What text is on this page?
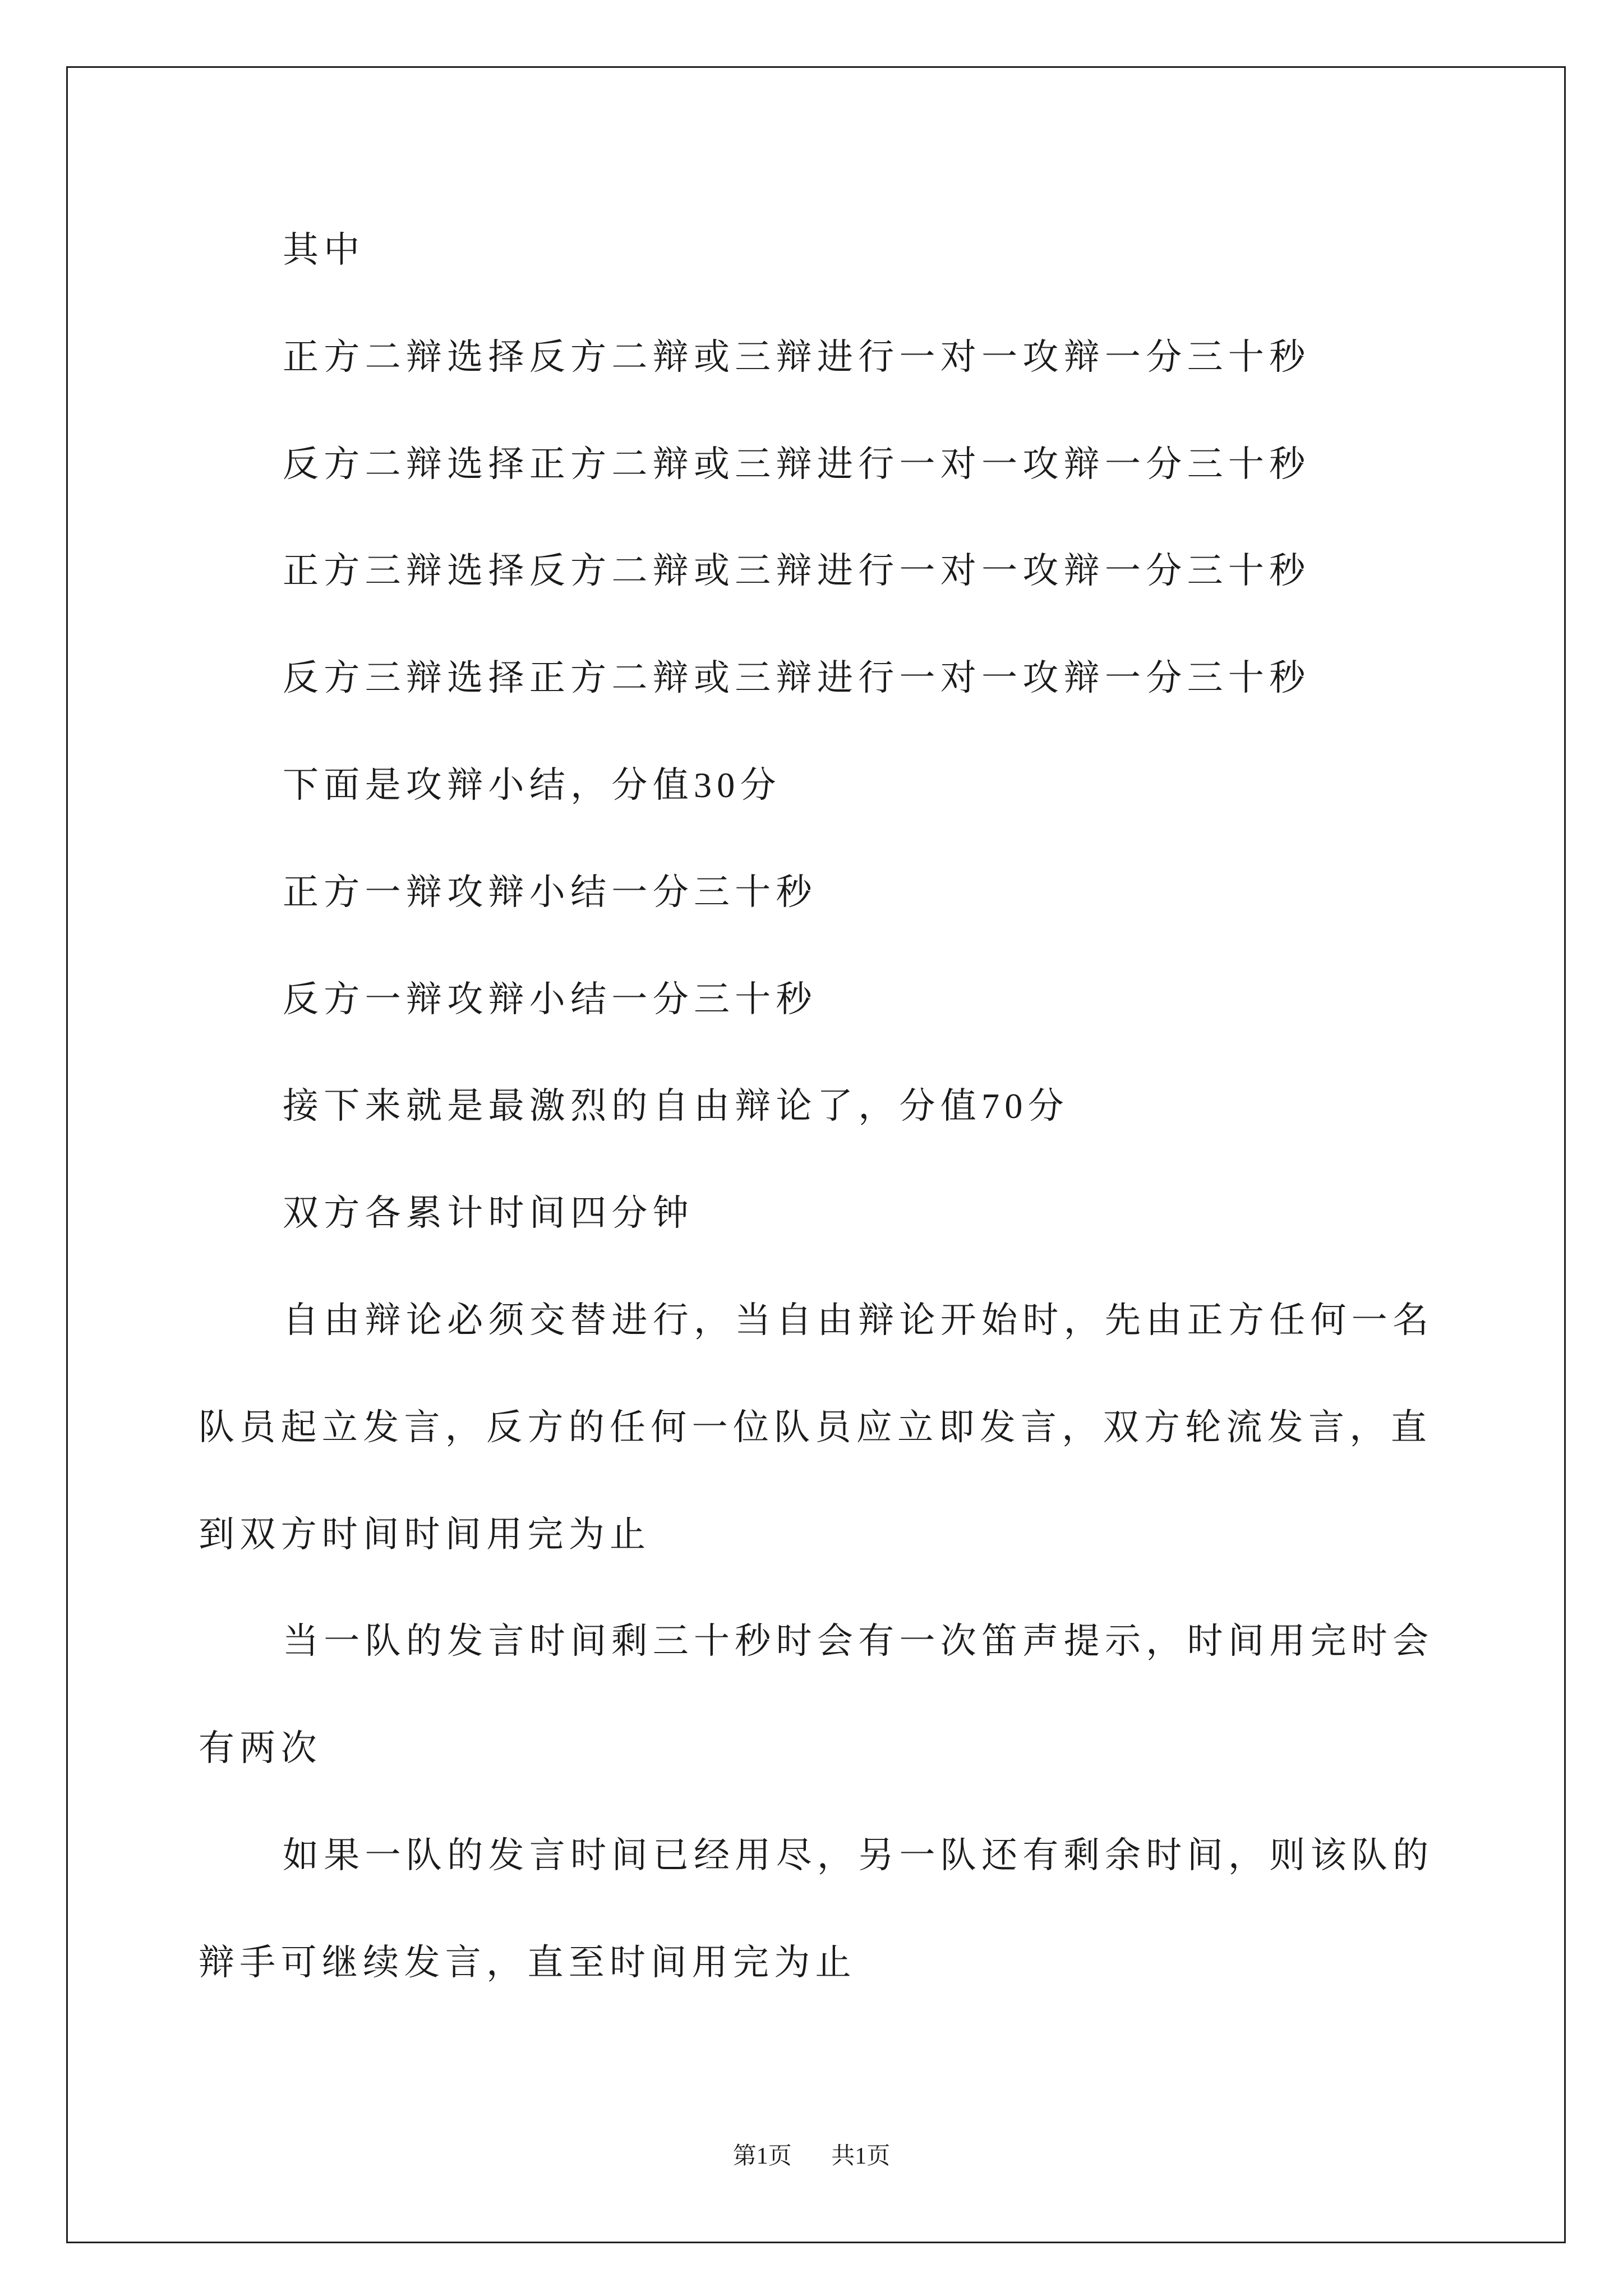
其中
正方二辩选择反方二辩或三辩进行一对一攻辩一分三十秒
反方二辩选择正方二辩或三辩进行一对一攻辩一分三十秒
正方三辩选择反方二辩或三辩进行一对一攻辩一分三十秒
反方三辩选择正方二辩或三辩进行一对一攻辩一分三十秒
下面是攻辩小结，分值30分
正方一辩攻辩小结一分三十秒
反方一辩攻辩小结一分三十秒
接下来就是最激烈的自由辩论了，分值70分
双方各累计时间四分钟
自由辩论必须交替进行，当自由辩论开始时，先由正方任何一名
队员起立发言，反方的任何一位队员应立即发言，双方轮流发言，直
到双方时间时间用完为止
当一队的发言时间剩三十秒时会有一次笛声提示，时间用完时会
有两次
如果一队的发言时间已经用尽，另一队还有剩余时间，则该队的
辩手可继续发言，直至时间用完为止
第1页 共1页
